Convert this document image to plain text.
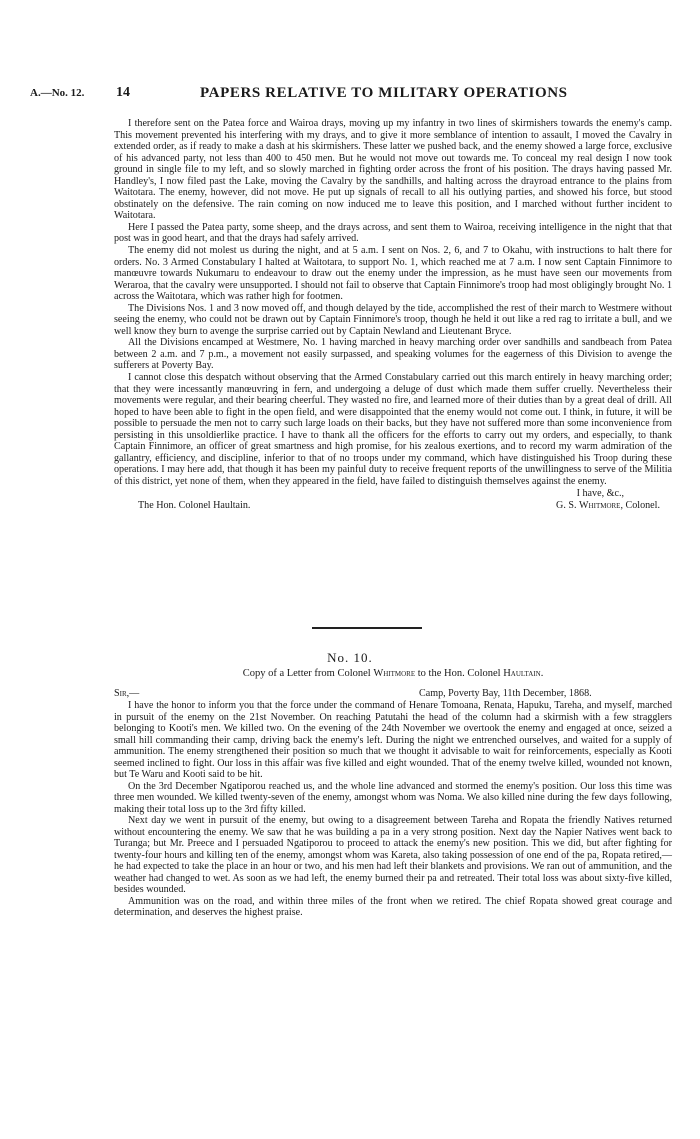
A.—No. 12. 14	PAPERS RELATIVE TO MILITARY OPERATIONS

I therefore sent on the Patea force and Wairoa drays, moving up my infantry in two lines of skirmishers towards the enemy's camp. This movement prevented his interfering with my drays, and to give it more semblance of intention to assault, I moved the Cavalry in extended order, as if ready to make a dash at his skirmishers. These latter we pushed back, and the enemy showed a large force, exclusive of his advanced party, not less than 400 to 450 men. But he would not move out towards me. To conceal my real design I now took ground in single file to my left, and so slowly marched in fighting order across the front of his position. The drays having passed Mr. Handley's, I now filed past the Lake, moving the Cavalry by the sandhills, and halting across the drayroad entrance to the plains from Waitotara. The enemy, however, did not move. He put up signals of recall to all his outlying parties, and showed his force, but stood obstinately on the defensive. The rain coming on now induced me to leave this position, and I marched without further incident to Waitotara.

Here I passed the Patea party, some sheep, and the drays across, and sent them to Wairoa, receiving intelligence in the night that that post was in good heart, and that the drays had safely arrived.

The enemy did not molest us during the night, and at 5 a.m. I sent on Nos. 2, 6, and 7 to Okahu, with instructions to halt there for orders. No. 3 Armed Constabulary I halted at Waitotara, to support No. 1, which reached me at 7 a.m. I now sent Captain Finnimore to manœuvre towards Nukumaru to endeavour to draw out the enemy under the impression, as he must have seen our movements from Weraroa, that the cavalry were unsupported. I should not fail to observe that Captain Finnimore's troop had most obligingly brought No. 1 across the Waitotara, which was rather high for footmen.

The Divisions Nos. 1 and 3 now moved off, and though delayed by the tide, accomplished the rest of their march to Westmere without seeing the enemy, who could not be drawn out by Captain Finnimore's troop, though he held it out like a red rag to irritate a bull, and we well know they burn to avenge the surprise carried out by Captain Newland and Lieutenant Bryce.

All the Divisions encamped at Westmere, No. 1 having marched in heavy marching order over sandhills and sandbeach from Patea between 2 a.m. and 7 p.m., a movement not easily surpassed, and speaking volumes for the eagerness of this Division to avenge the sufferers at Poverty Bay.

I cannot close this despatch without observing that the Armed Constabulary carried out this march entirely in heavy marching order; that they were incessantly manœuvring in fern, and undergoing a deluge of dust which made them suffer cruelly. Nevertheless their movements were regular, and their bearing cheerful. They wasted no fire, and learned more of their duties than by a great deal of drill. All hoped to have been able to fight in the open field, and were disappointed that the enemy would not come out. I think, in future, it will be possible to persuade the men not to carry such large loads on their backs, but they have not suffered more than some inconvenience from persisting in this unsoldierlike practice. I have to thank all the officers for the efforts to carry out my orders, and especially, to thank Captain Finnimore, an officer of great smartness and high promise, for his zealous exertions, and to record my warm admiration of the gallantry, efficiency, and discipline, inferior to that of no troops under my command, which have distinguished his Troop during these operations. I may here add, that though it has been my painful duty to receive frequent reports of the unwillingness to serve of the Militia of this district, yet none of them, when they appeared in the field, have failed to distinguish themselves against the enemy.

I have, &c.,
The Hon. Colonel Haultain.	G. S. Whitmore, Colonel.
No. 10.
Copy of a Letter from Colonel Whitmore to the Hon. Colonel Haultain.
Sir,—	Camp, Poverty Bay, 11th December, 1868.

I have the honor to inform you that the force under the command of Henare Tomoana, Renata, Hapuku, Tareha, and myself, marched in pursuit of the enemy on the 21st November. On reaching Patutahi the head of the column had a skirmish with a few stragglers belonging to Kooti's men. We killed two. On the evening of the 24th November we overtook the enemy and engaged at once, seized a small hill commanding their camp, driving back the enemy's left. During the night we entrenched ourselves, and waited for a supply of ammunition. The enemy strengthened their position so much that we thought it advisable to wait for reinforcements, especially as Kooti seemed inclined to fight. Our loss in this affair was five killed and eight wounded. That of the enemy twelve killed, wounded not known, but Te Waru and Kooti said to be hit.

On the 3rd December Ngatiporou reached us, and the whole line advanced and stormed the enemy's position. Our loss this time was three men wounded. We killed twenty-seven of the enemy, amongst whom was Noma. We also killed nine during the few days following, making their total loss up to the 3rd fifty killed.

Next day we went in pursuit of the enemy, but owing to a disagreement between Tareha and Ropata the friendly Natives returned without encountering the enemy. We saw that he was building a pa in a very strong position. Next day the Napier Natives went back to Turanga; but Mr. Preece and I persuaded Ngatiporou to proceed to attack the enemy's new position. This we did, but after fighting for twenty-four hours and killing ten of the enemy, amongst whom was Kareta, also taking possession of one end of the pa, Ropata retired,—he had expected to take the place in an hour or two, and his men had left their blankets and provisions. We ran out of ammunition, and the weather had changed to wet. As soon as we had left, the enemy burned their pa and retreated. Their total loss was about sixty-five killed, besides wounded.

Ammunition was on the road, and within three miles of the front when we retired. The chief Ropata showed great courage and determination, and deserves the highest praise.
